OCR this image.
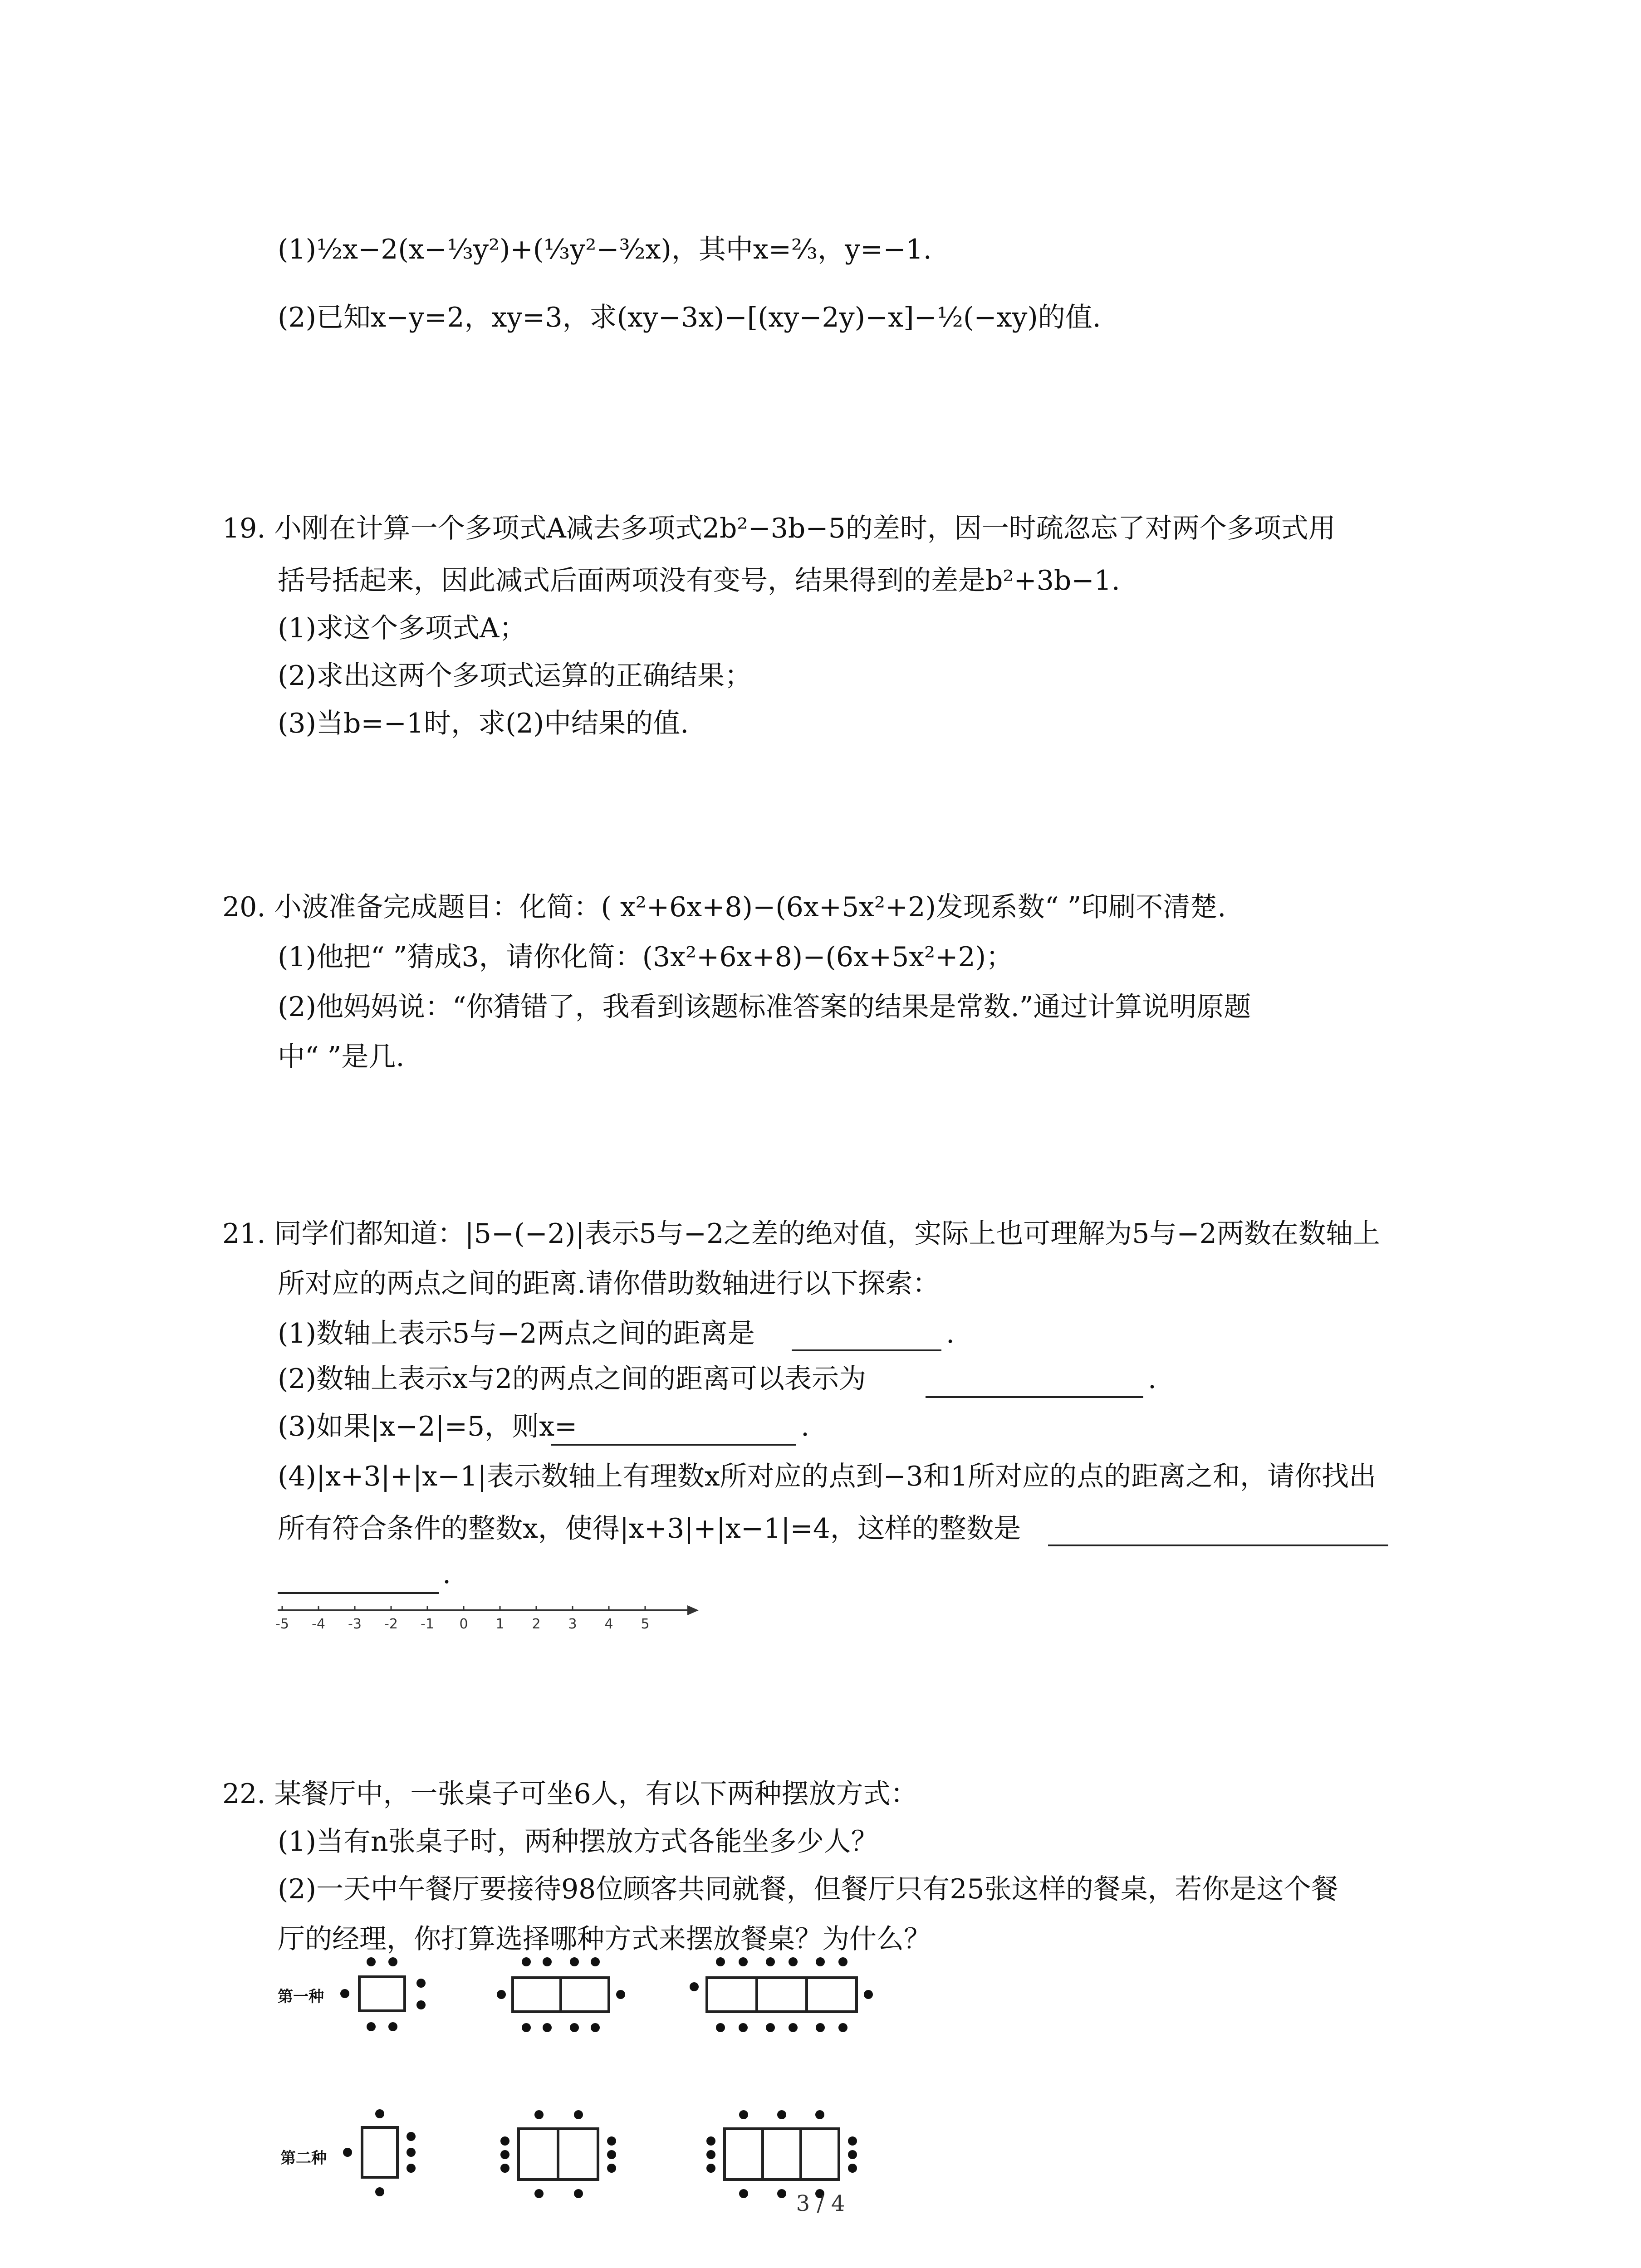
(1)½x−2(x−⅓y²)+(⅓y²−³⁄₂x)，其中x=⅔，y=−1.
(2)已知x−y=2，xy=3，求(xy−3x)−[(xy−2y)−x]−½(−xy)的值.
19. 小刚在计算一个多项式A减去多项式2b²−3b−5的差时，因一时疏忽忘了对两个多项式用
括号括起来，因此减式后面两项没有变号，结果得到的差是b²+3b−1.
(1)求这个多项式A；
(2)求出这两个多项式运算的正确结果；
(3)当b=−1时，求(2)中结果的值.
20. 小波准备完成题目：化简：( x²+6x+8)−(6x+5x²+2)发现系数“ ”印刷不清楚.
(1)他把“ ”猜成3，请你化简：(3x²+6x+8)−(6x+5x²+2)；
(2)他妈妈说：“你猜错了，我看到该题标准答案的结果是常数.”通过计算说明原题
中“ ”是几.
21. 同学们都知道：|5−(−2)|表示5与−2之差的绝对值，实际上也可理解为5与−2两数在数轴上
所对应的两点之间的距离.请你借助数轴进行以下探索：
(1)数轴上表示5与−2两点之间的距离是	.
(2)数轴上表示x与2的两点之间的距离可以表示为	.
(3)如果|x−2|=5，则x=	.
(4)|x+3|+|x−1|表示数轴上有理数x所对应的点到−3和1所对应的点的距离之和，请你找出
所有符合条件的整数x，使得|x+3|+|x−1|=4，这样的整数是
.
-5 -4 -3 -2 -1 0 1 2 3 4 5
22. 某餐厅中，一张桌子可坐6人，有以下两种摆放方式：
(1)当有n张桌子时，两种摆放方式各能坐多少人？
(2)一天中午餐厅要接待98位顾客共同就餐，但餐厅只有25张这样的餐桌，若你是这个餐
厅的经理，你打算选择哪种方式来摆放餐桌？为什么？
第一种
第二种
3 / 4
